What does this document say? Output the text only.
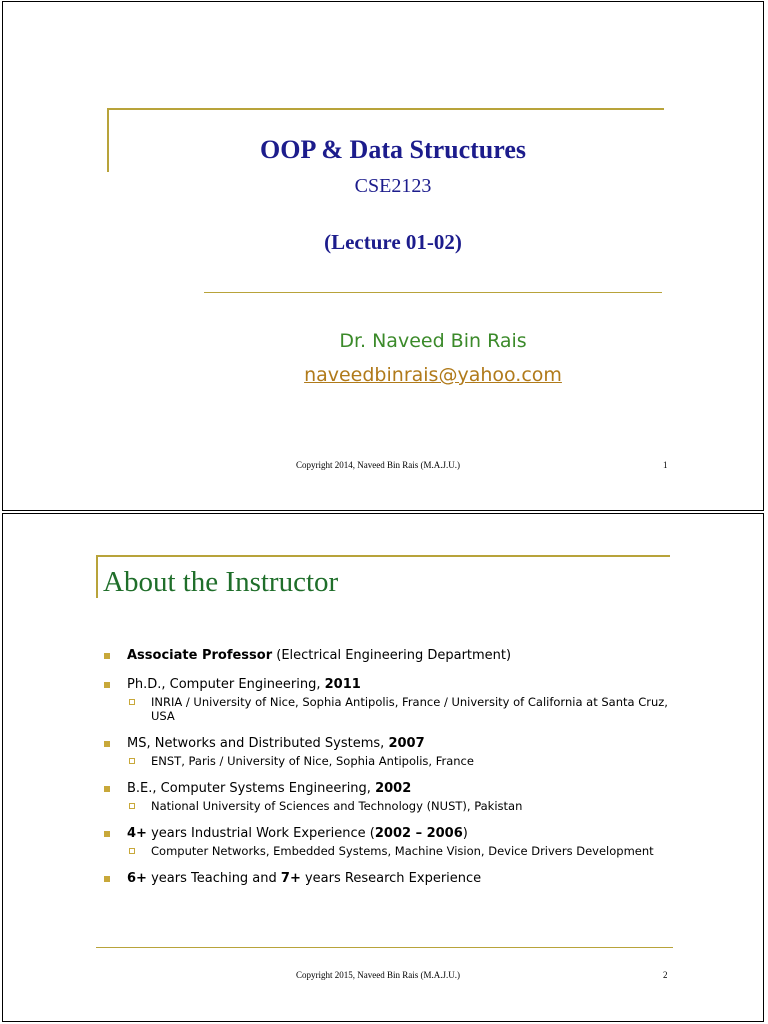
OOP & Data Structures
CSE2123
(Lecture 01-02)
Dr. Naveed Bin Rais
naveedbinrais@yahoo.com
Copyright 2014, Naveed Bin Rais (M.A.J.U.)	1
About the Instructor
Associate Professor (Electrical Engineering Department)
Ph.D., Computer Engineering, 2011
INRIA / University of Nice, Sophia Antipolis, France / University of California at Santa Cruz, USA
MS, Networks and Distributed Systems, 2007
ENST, Paris / University of Nice, Sophia Antipolis, France
B.E., Computer Systems Engineering, 2002
National University of Sciences and Technology (NUST), Pakistan
4+ years Industrial Work Experience (2002 – 2006)
Computer Networks, Embedded Systems, Machine Vision, Device Drivers Development
6+ years Teaching and 7+ years Research Experience
Copyright 2015, Naveed Bin Rais (M.A.J.U.)	2
